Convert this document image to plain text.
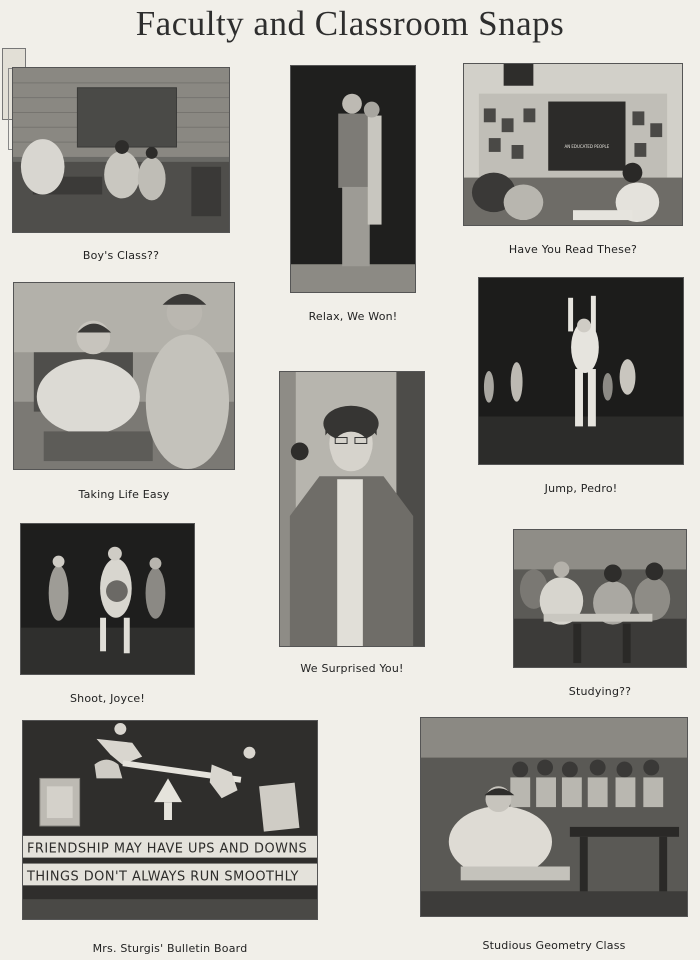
Faculty and Classroom Snaps
Boy's Class??
Relax, We Won!
AN EDUCATED PEOPLE
Have You Read These?
Taking Life Easy	Jump, Pedro!
We Surprised You!
Shoot, Joyce!
Studying??
FRIENDSHIP MAY HAVE UPS AND DOWNS
THINGS DON'T ALWAYS RUN SMOOTHLY
Mrs. Sturgis' Bulletin Board	Studious Geometry Class
